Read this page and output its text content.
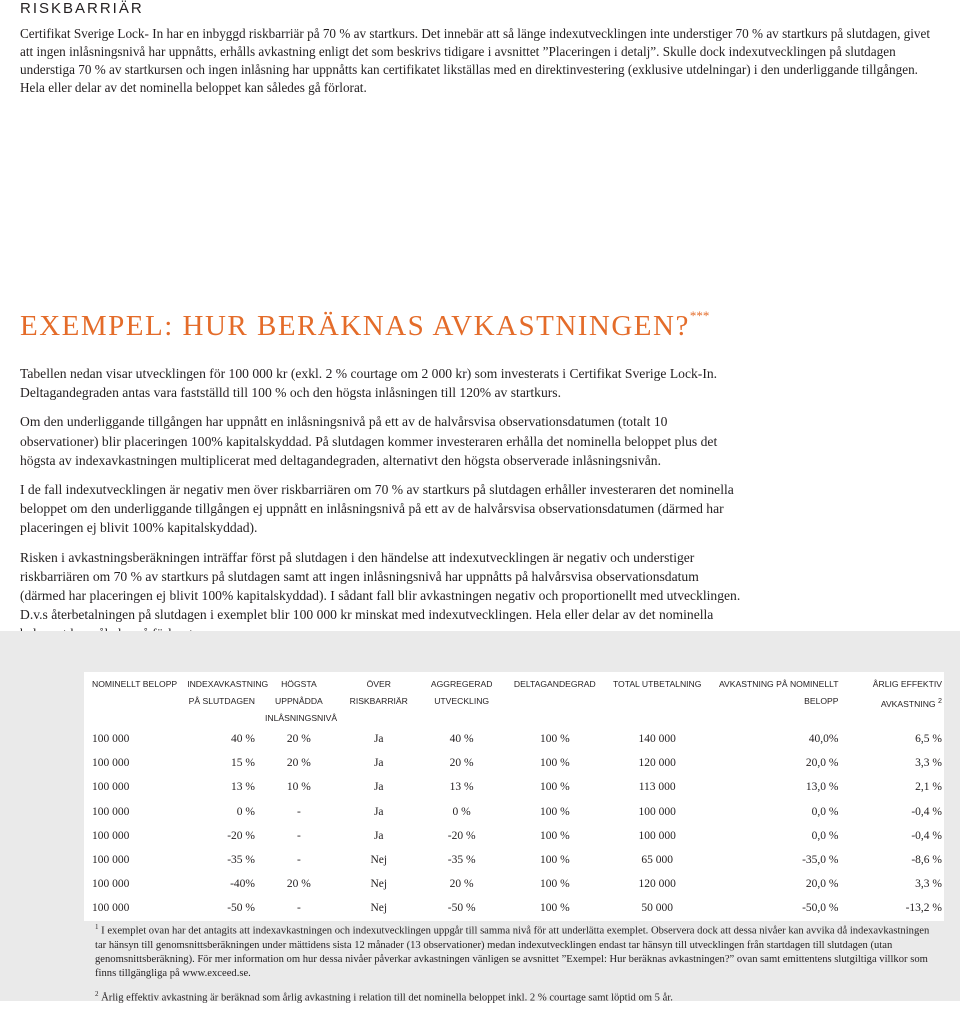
RISKBARRIÄR

Certifikat Sverige Lock- In har en inbyggd riskbarriär på 70 % av startkurs. Det innebär att så länge indexutvecklingen inte understiger 70 % av startkurs på slutdagen, givet att ingen inlåsningsnivå har uppnåtts, erhålls avkastning enligt det som beskrivs tidigare i avsnittet ”Placeringen i detalj”. Skulle dock indexutvecklingen på slutdagen understiga 70 % av startkursen och ingen inlåsning har uppnåtts kan certifikatet likställas med en direktinvestering (exklusive utdelningar) i den underliggande tillgången. Hela eller delar av det nominella beloppet kan således gå förlorat.

EXEMPEL: HUR BERÄKNAS AVKASTNINGEN?***

Tabellen nedan visar utvecklingen för 100 000 kr (exkl. 2 % courtage om 2 000 kr) som investerats i Certifikat Sverige Lock-In. Deltagandegraden antas vara fastställd till 100 % och den högsta inlåsningen till 120% av startkurs.

Om den underliggande tillgången har uppnått en inlåsningsnivå på ett av de halvårsvisa observationsdatumen (totalt 10 observationer) blir placeringen 100% kapitalskyddad. På slutdagen kommer investeraren erhålla det nominella beloppet plus det högsta av indexavkastningen multiplicerat med deltagandegraden, alternativt den högsta observerade inlåsningsnivån.

I de fall indexutvecklingen är negativ men över riskbarriären om 70 % av startkurs på slutdagen erhåller investeraren det nominella beloppet om den underliggande tillgången ej uppnått en inlåsningsnivå på ett av de halvårsvisa observationsdatumen (därmed har placeringen ej blivit 100% kapitalskyddad).

Risken i avkastningsberäkningen inträffar först på slutdagen i den händelse att indexutvecklingen är negativ och understiger riskbarriären om 70 % av startkurs på slutdagen samt att ingen inlåsningsnivå har uppnåtts på halvårsvisa observationsdatum (därmed har placeringen ej blivit 100% kapitalskyddad). I sådant fall blir avkastningen negativ och proportionellt med utvecklingen. D.v.s återbetalningen på slutdagen i exemplet blir 100 000 kr minskat med indexutvecklingen. Hela eller delar av det nominella

NOMINELLT BELOPP	INDEXAVKASTNING PÅ SLUTDAGEN	HÖGSTA UPPNÅDDA INLÅSNINGSNIVÅ	ÖVER RISKBARRIÄR	AGGREGERAD UTVECKLING	DELTAGANDEGRAD	TOTAL UTBETALNING	AVKASTNING PÅ NOMINELLT BELOPP	ÅRLIG EFFEKTIV AVKASTNING $^2$
100 000	40 %	20 %	Ja	40 %	100 %	140 000	40,0%	6,5 %
100 000	15 %	20 %	Ja	20 %	100 %	120 000	20,0 %	3,3 %
100 000	13 %	10 %	Ja	13 %	100 %	113 000	13,0 %	2,1 %
100 000	0 %	-	Ja	0 %	100 %	100 000	0,0 %	-0,4 %
100 000	-20 %	-	Ja	-20 %	100 %	100 000	0,0 %	-0,4 %
100 000	-35 %	-	Nej	-35 %	100 %	65 000	-35,0 %	-8,6 %
100 000	-40%	20 %	Nej	20 %	100 %	120 000	20,0 %	3,3 %
100 000	-50 %	-	Nej	-50 %	100 %	50 000	-50,0 %	-13,2 %

$^1$ I exemplet ovan har det antagits att indexavkastningen och indexutvecklingen uppgår till samma nivå för att underlätta exemplet. Observera dock att dessa nivåer kan avvika då indexavkastningen tar hänsyn till genomsnittsberäkningen under mättidens sista 12 månader (13 observationer) medan indexutvecklingen endast tar hänsyn till utvecklingen från startdagen till slutdagen (utan genomsnittsberäkning). För mer information om hur dessa nivåer påverkar avkastningen vänligen se avsnittet ”Exempel: Hur beräknas avkastningen?” ovan samt emittentens slutgiltiga villkor som finns tillgängliga på www.exceed.se.

$^2$ Årlig effektiv avkastning är beräknad som årlig avkastning i relation till det nominella beloppet inkl. 2 % courtage samt löptid om 5 år.
